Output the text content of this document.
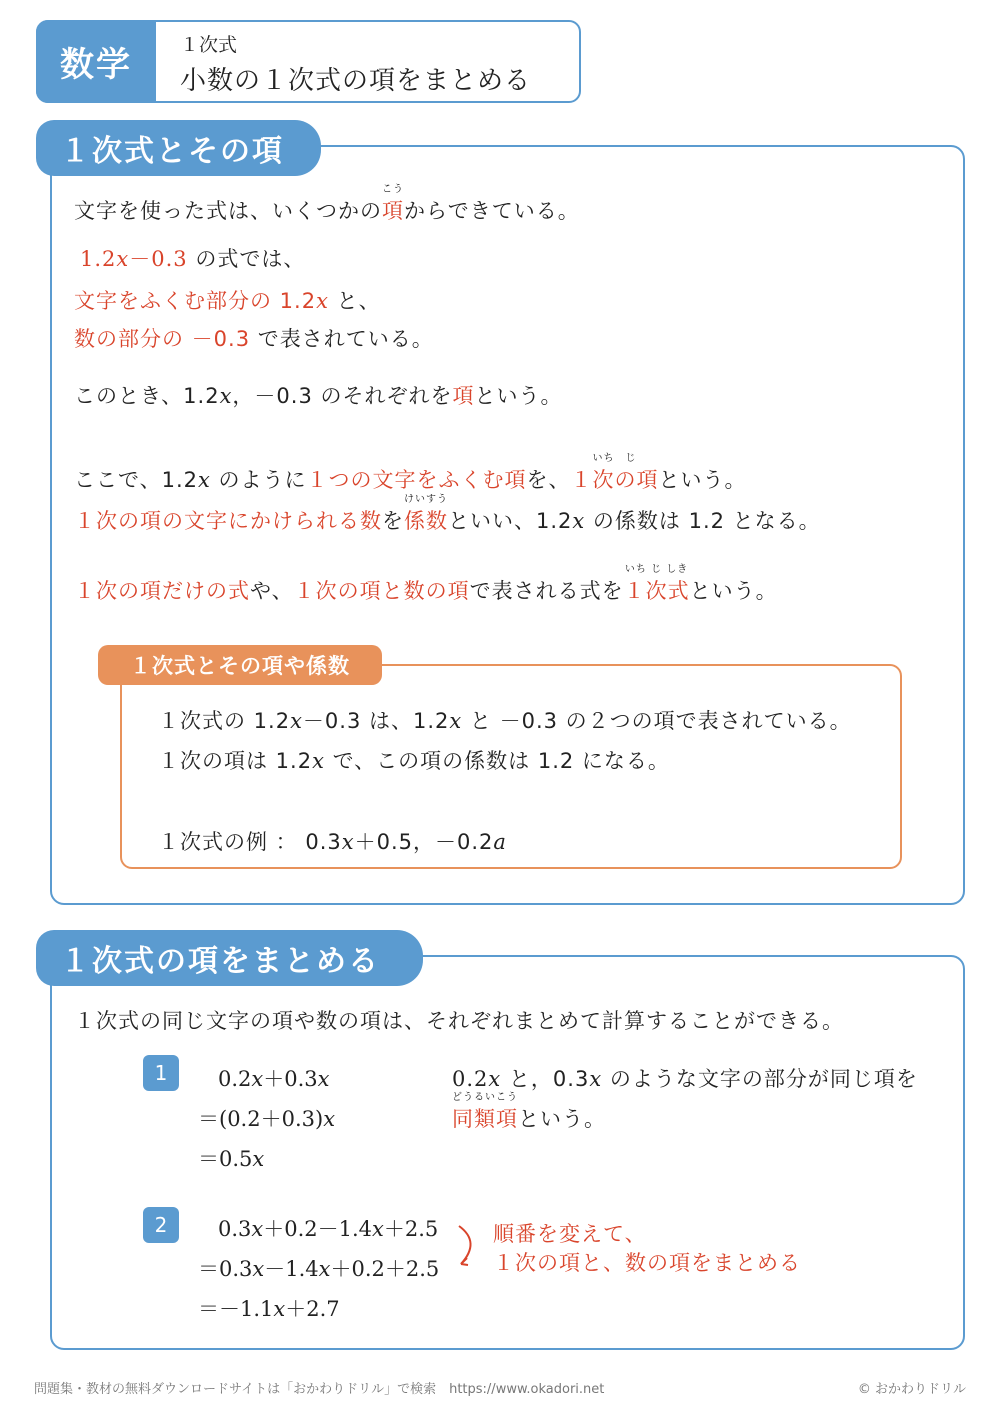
数学	１次式
小数の１次式の項をまとめる
１次式とその項
文字を使った式は、いくつかの
こう
項からできている。
1.2x－0.3 の式では、
文字をふくむ部分の 1.2x と、
数の部分の －0.3 で表されている。
このとき、1.2x，－0.3 のそれぞれを項という。
ここで、1.2x のように１つの文字をふくむ項を、
いち　じ
１次の項という。
１次の項の文字にかけられる数を
けいすう
係数といい、1.2x の係数は 1.2 となる。
１次の項だけの式や、１次の項と数の項で表される式を
いち じ しき
１次式という。
１次式とその項や係数
１次式の 1.2x－0.3 は、1.2x と －0.3 の２つの項で表されている。
１次の項は 1.2x で、この項の係数は 1.2 になる。
１次式の例 ： 0.3x＋0.5，－0.2a
１次式の項をまとめる
１次式の同じ文字の項や数の項は、それぞれまとめて計算することができる。
1	0.2x＋0.3x
＝(0.2＋0.3)x
＝0.5x
0.2x と，0.3x のような文字の部分が同じ項を
どうるいこう
同類項という。
2	0.3x＋0.2－1.4x＋2.5
＝0.3x－1.4x＋0.2＋2.5
＝－1.1x＋2.7
順番を変えて、
１次の項と、数の項をまとめる
問題集・教材の無料ダウンロードサイトは「おかわりドリル」で検索　https://www.okadori.net	© おかわりドリル
